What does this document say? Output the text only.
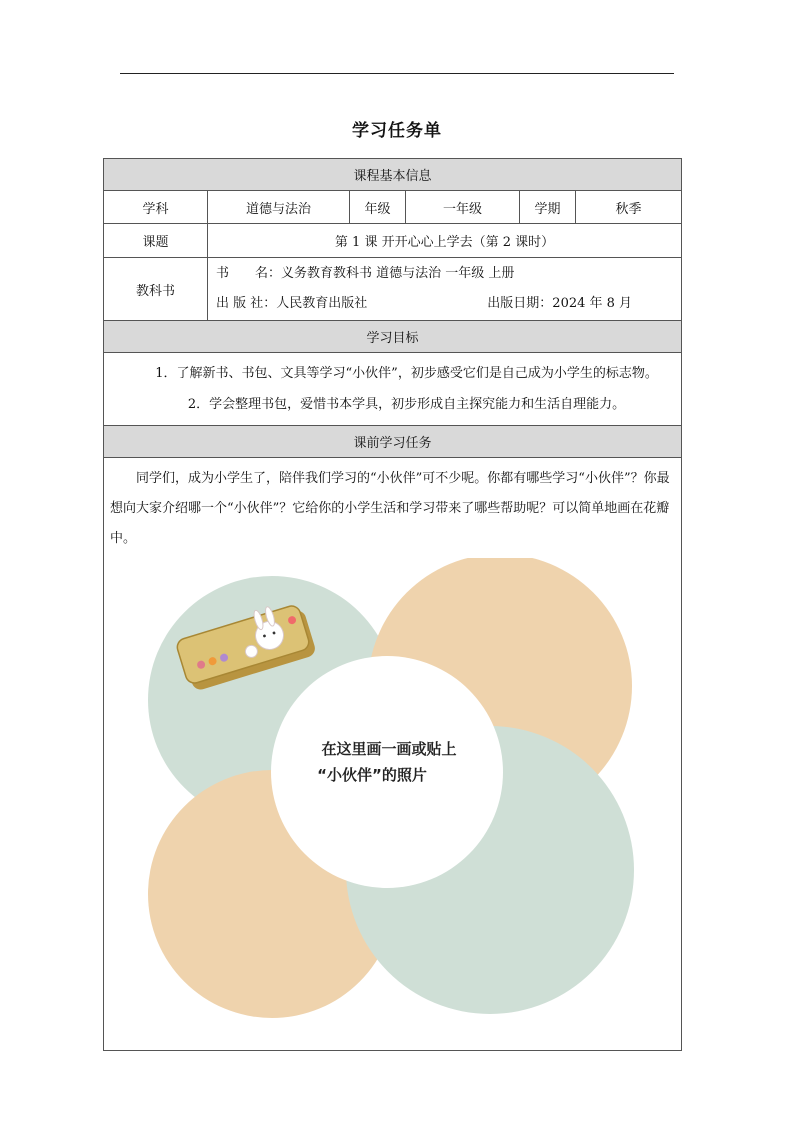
学习任务单
课程基本信息					
学科	道德与法治	年级	一年级	学期	秋季
课题	第 1 课 开开心心上学去（第 2 课时）				
教科书	书　　名：义务教育教科书 道德与法治 一年级 上册
出 版 社：人民教育出版社 出版日期：2024 年 8 月				

学习目标					

1．了解新书、书包、文具等学习“小伙伴”，初步感受它们是自己成为小学生的标志物。
2．学会整理书包，爱惜书本学具，初步形成自主探究能力和生活自理能力。					

课前学习任务					

同学们，成为小学生了，陪伴我们学习的“小伙伴”可不少呢。你都有哪些学习“小伙伴”？你最想向大家介绍哪一个“小伙伴”？它给你的小学生活和学习带来了哪些帮助呢？可以简单地画在花瓣中。
在这里画一画或贴上
“小伙伴”的照片					
